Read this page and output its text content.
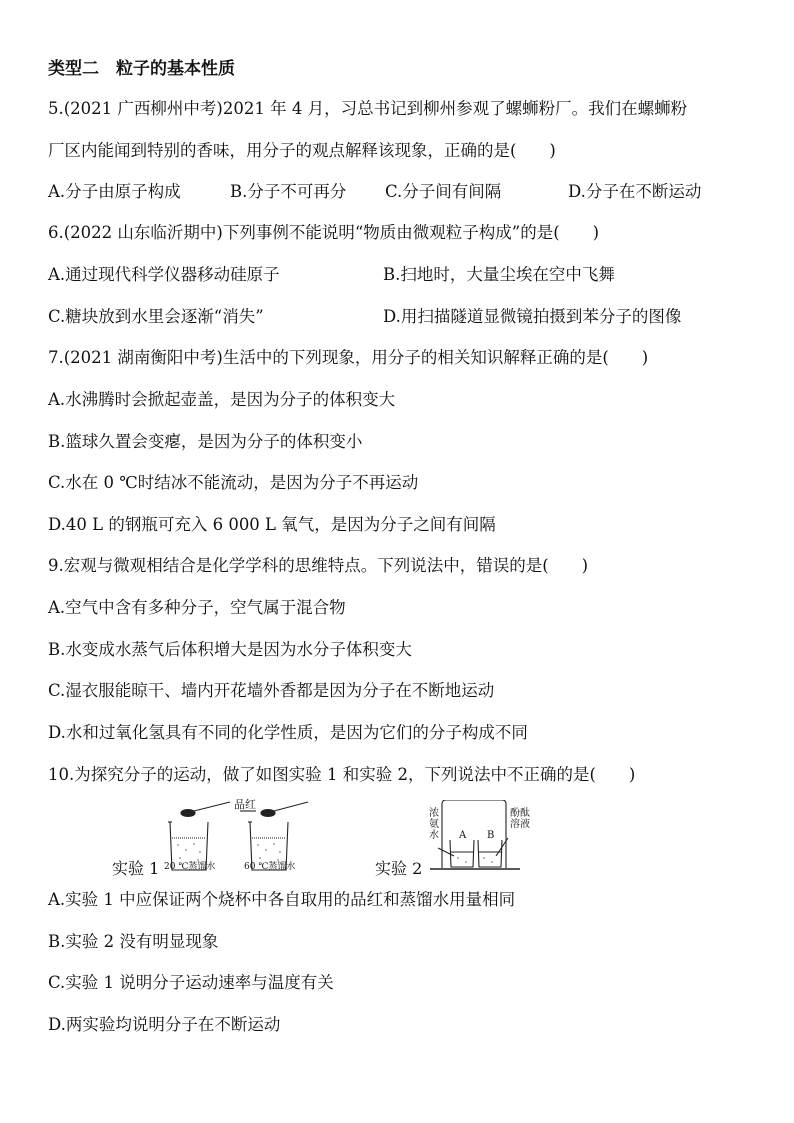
类型二　粒子的基本性质
5.(2021 广西柳州中考)2021 年 4 月，习总书记到柳州参观了螺蛳粉厂。我们在螺蛳粉
厂区内能闻到特别的香味，用分子的观点解释该现象，正确的是(　　)
A.分子由原子构成	B.分子不可再分 C.分子间有间隔	D.分子在不断运动
6.(2022 山东临沂期中)下列事例不能说明“物质由微观粒子构成”的是(　　)
A.通过现代科学仪器移动硅原子	B.扫地时，大量尘埃在空中飞舞
C.糖块放到水里会逐渐“消失”	D.用扫描隧道显微镜拍摄到苯分子的图像
7.(2021 湖南衡阳中考)生活中的下列现象，用分子的相关知识解释正确的是(　　)
A.水沸腾时会掀起壶盖，是因为分子的体积变大
B.篮球久置会变瘪，是因为分子的体积变小
C.水在 0 ℃时结冰不能流动，是因为分子不再运动
D.40 L 的钢瓶可充入 6 000 L 氧气，是因为分子之间有间隔
9.宏观与微观相结合是化学学科的思维特点。下列说法中，错误的是(　　)
A.空气中含有多种分子，空气属于混合物
B.水变成水蒸气后体积增大是因为水分子体积变大
C.湿衣服能晾干、墙内开花墙外香都是因为分子在不断地运动
D.水和过氧化氢具有不同的化学性质，是因为它们的分子构成不同
10.为探究分子的运动，做了如图实验 1 和实验 2，下列说法中不正确的是(　　)
品红
20 ℃蒸馏水	60 ℃蒸馏水
实验 1	实验 2
浓
氨
水
酚酞
溶液
A B
A.实验 1 中应保证两个烧杯中各自取用的品红和蒸馏水用量相同
B.实验 2 没有明显现象
C.实验 1 说明分子运动速率与温度有关
D.两实验均说明分子在不断运动
